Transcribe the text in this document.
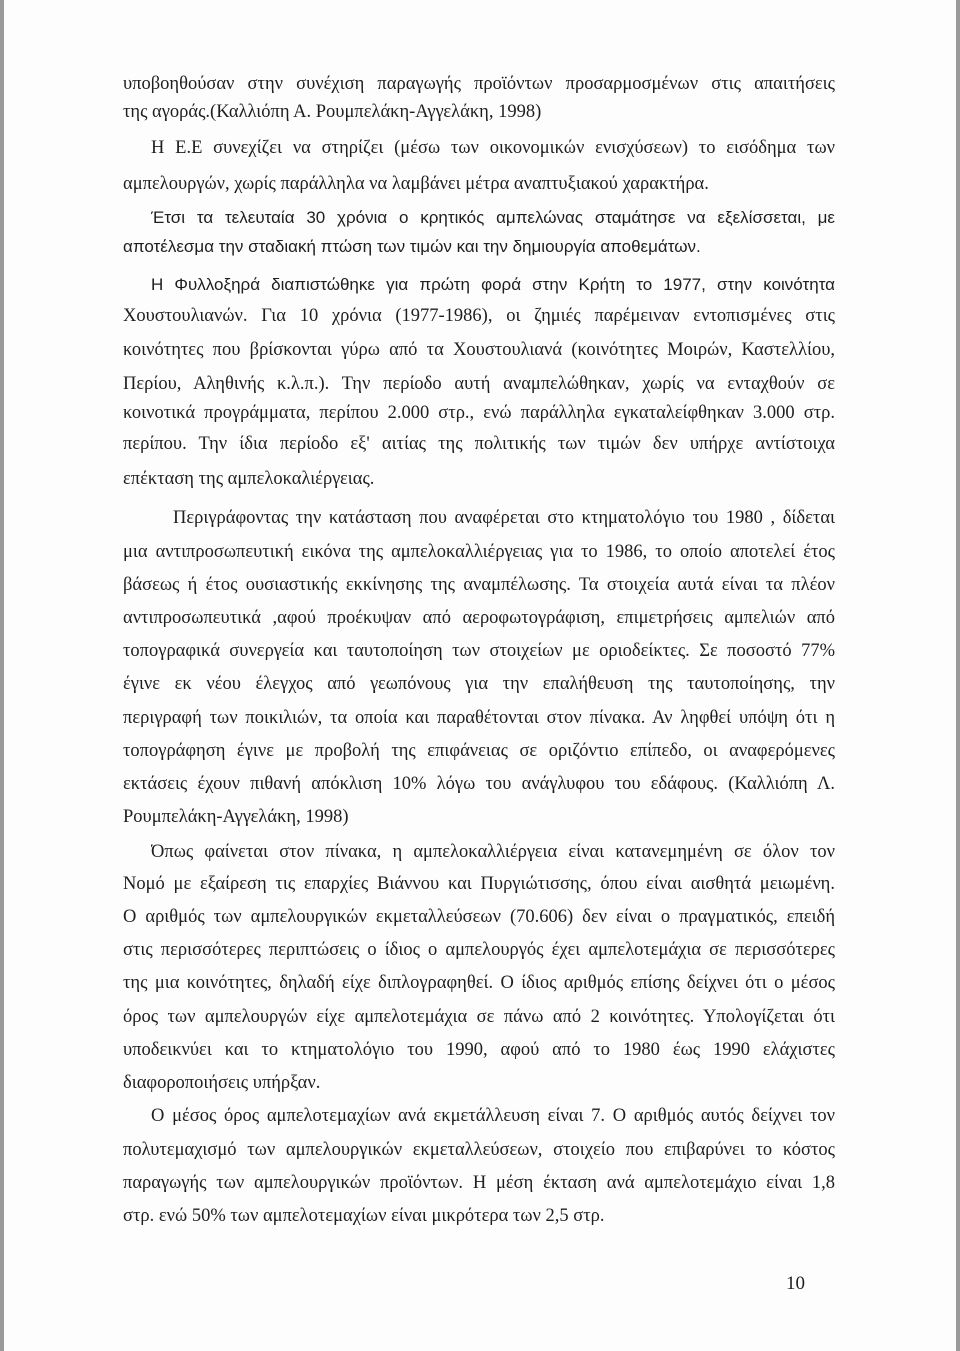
υποβοηθούσαν στην συνέχιση παραγωγής προϊόντων προσαρμοσμένων στις απαιτήσεις
της αγοράς.(Καλλιόπη Α. Ρουμπελάκη-Αγγελάκη, 1998)
Η Ε.Ε συνεχίζει να στηρίζει (μέσω των οικονομικών ενισχύσεων) το εισόδημα των
αμπελουργών, χωρίς παράλληλα να λαμβάνει μέτρα αναπτυξιακού χαρακτήρα.
Έτσι τα τελευταία 30 χρόνια ο κρητικός αμπελώνας σταμάτησε να εξελίσσεται, με
αποτέλεσμα την σταδιακή πτώση των τιμών και την δημιουργία αποθεμάτων.
Η Φυλλοξηρά διαπιστώθηκε για πρώτη φορά στην Κρήτη το 1977, στην κοινότητα
Χουστουλιανών. Για 10 χρόνια (1977-1986), οι ζημιές παρέμειναν εντοπισμένες στις
κοινότητες που βρίσκονται γύρω από τα Χουστουλιανά (κοινότητες Μοιρών, Καστελλίου,
Περίου, Αληθινής κ.λ.π.). Την περίοδο αυτή αναμπελώθηκαν, χωρίς να ενταχθούν σε
κοινοτικά προγράμματα, περίπου 2.000 στρ., ενώ παράλληλα εγκαταλείφθηκαν 3.000 στρ.
περίπου. Την ίδια περίοδο εξ' αιτίας της πολιτικής των τιμών δεν υπήρχε αντίστοιχα
επέκταση της αμπελοκαλιέργειας.
Περιγράφοντας την κατάσταση που αναφέρεται στο κτηματολόγιο του 1980 , δίδεται
μια αντιπροσωπευτική εικόνα της αμπελοκαλλιέργειας για το 1986, το οποίο αποτελεί έτος
βάσεως ή έτος ουσιαστικής εκκίνησης της αναμπέλωσης. Τα στοιχεία αυτά είναι τα πλέον
αντιπροσωπευτικά ,αφού προέκυψαν από αεροφωτογράφιση, επιμετρήσεις αμπελιών από
τοπογραφικά συνεργεία και ταυτοποίηση των στοιχείων με οριοδείκτες. Σε ποσοστό 77%
έγινε εκ νέου έλεγχος από γεωπόνους για την επαλήθευση της ταυτοποίησης, την
περιγραφή των ποικιλιών, τα οποία και παραθέτονται στον πίνακα. Αν ληφθεί υπόψη ότι η
τοπογράφηση έγινε με προβολή της επιφάνειας σε οριζόντιο επίπεδο, οι αναφερόμενες
εκτάσεις έχουν πιθανή απόκλιση 10% λόγω του ανάγλυφου του εδάφους. (Καλλιόπη Λ.
Ρουμπελάκη-Αγγελάκη, 1998)
Όπως φαίνεται στον πίνακα, η αμπελοκαλλιέργεια είναι κατανεμημένη σε όλον τον
Νομό με εξαίρεση τις επαρχίες Βιάννου και Πυργιώτισσης, όπου είναι αισθητά μειωμένη.
Ο αριθμός των αμπελουργικών εκμεταλλεύσεων (70.606) δεν είναι ο πραγματικός, επειδή
στις περισσότερες περιπτώσεις ο ίδιος ο αμπελουργός έχει αμπελοτεμάχια σε περισσότερες
της μια κοινότητες, δηλαδή είχε διπλογραφηθεί. Ο ίδιος αριθμός επίσης δείχνει ότι ο μέσος
όρος των αμπελουργών είχε αμπελοτεμάχια σε πάνω από 2 κοινότητες. Υπολογίζεται ότι
υποδεικνύει και το κτηματολόγιο του 1990, αφού από το 1980 έως 1990 ελάχιστες
διαφοροποιήσεις υπήρξαν.
Ο μέσος όρος αμπελοτεμαχίων ανά εκμετάλλευση είναι 7. Ο αριθμός αυτός δείχνει τον
πολυτεμαχισμό των αμπελουργικών εκμεταλλεύσεων, στοιχείο που επιβαρύνει το κόστος
παραγωγής των αμπελουργικών προϊόντων. Η μέση έκταση ανά αμπελοτεμάχιο είναι 1,8
στρ. ενώ 50% των αμπελοτεμαχίων είναι μικρότερα των 2,5 στρ.
10
